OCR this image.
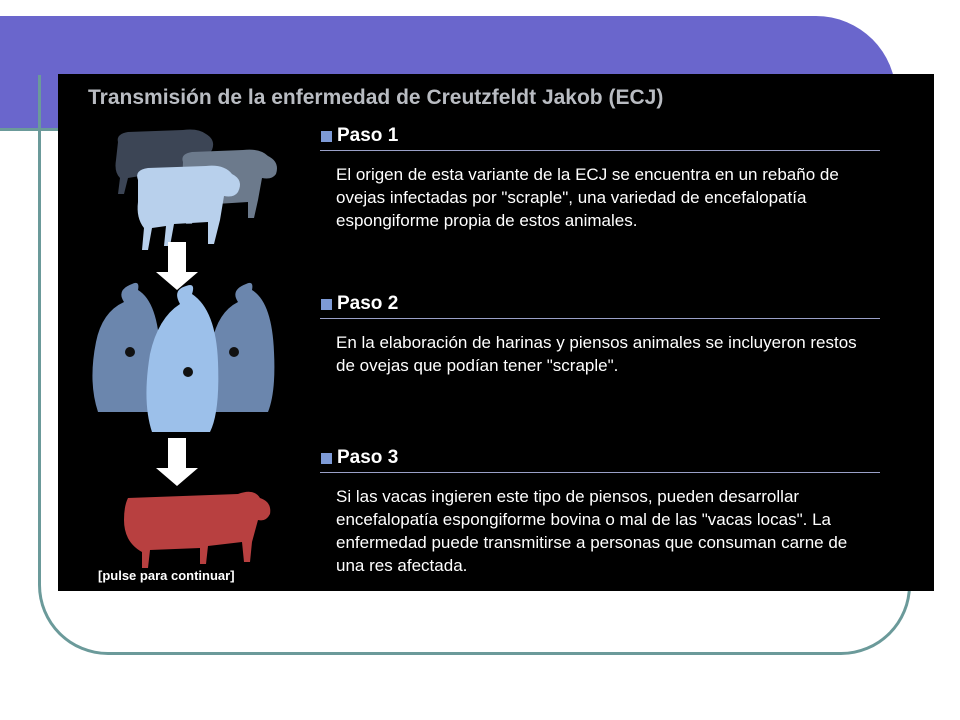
Transmisión de la enfermedad de Creutzfeldt Jakob (ECJ)
[pulse para continuar]
Paso 1
El origen de esta variante de la ECJ se encuentra en un rebaño de ovejas infectadas por "scraple", una variedad de encefalopatía espongiforme propia de estos animales.
Paso 2
En la elaboración de harinas y piensos animales se incluyeron restos de ovejas que podían tener "scraple".
Paso 3
Si las vacas ingieren este tipo de piensos, pueden desarrollar encefalopatía espongiforme bovina o mal de las "vacas locas". La enfermedad puede transmitirse a personas que consuman carne de una res afectada.
